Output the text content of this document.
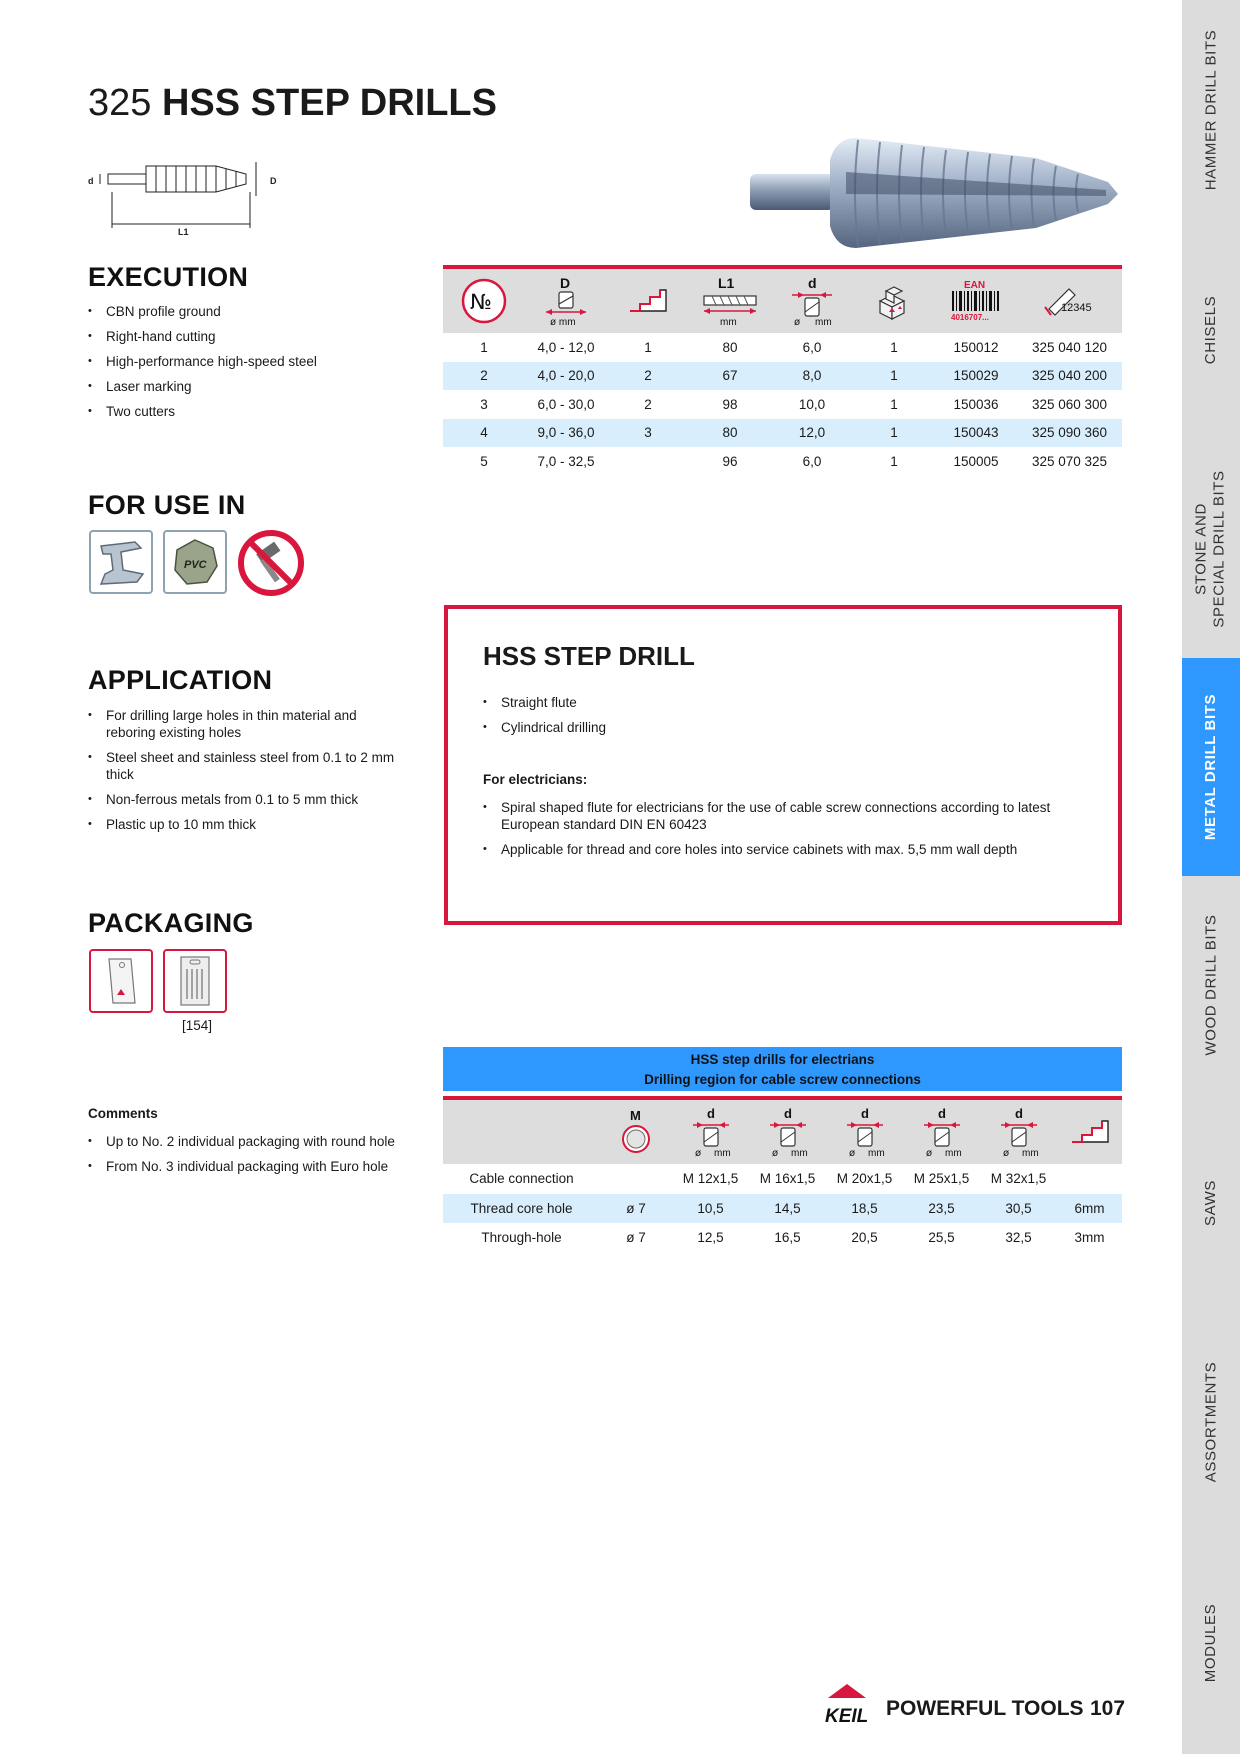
325 HSS STEP DRILLS
d	D
L1
EXECUTION
• CBN profile ground
• Right-hand cutting
• High-performance high-speed steel
• Laser marking
• Two cutters
FOR USE IN
PVC
APPLICATION
• For drilling large holes in thin material and reboring existing holes
• Steel sheet and stainless steel from 0.1 to 2 mm thick
• Non-ferrous metals from 0.1 to 5 mm thick
• Plastic up to 10 mm thick
PACKAGING
[154]
Comments
• Up to No. 2 individual packaging with round hole
• From No. 3 individual packaging with Euro hole
№	D
ø mm		L1
mm	d
ø mm		EAN
4016707...	12345

1	4,0 - 12,0	1	80	6,0	1	150012	325 040 120
2	4,0 - 20,0	2	67	8,0	1	150029	325 040 200
3	6,0 - 30,0	2	98	10,0	1	150036	325 060 300
4	9,0 - 36,0	3	80	12,0	1	150043	325 090 360
5	7,0 - 32,5		96	6,0	1	150005	325 070 325
HSS STEP DRILL
• Straight flute
• Cylindrical drilling
For electricians:
• Spiral shaped flute for electricians for the use of cable screw connections according to latest European standard DIN EN 60423
• Applicable for thread and core holes into service cabinets with max. 5,5 mm wall depth
HSS step drills for electrians
Drilling region for cable screw connections

M	d
ø mm	d
ø mm	d
ø mm	d
ø mm	d
ø mm

Cable connection		M 12x1,5	M 16x1,5	M 20x1,5	M 25x1,5	M 32x1,5	
Thread core hole	ø 7	10,5	14,5	18,5	23,5	30,5	6mm
Through-hole	ø 7	12,5	16,5	20,5	25,5	32,5	3mm
KEIL POWERFUL TOOLS 107
HAMMER DRILL BITS
CHISELS
STONE AND SPECIAL DRILL BITS
METAL DRILL BITS
WOOD DRILL BITS
SAWS
ASSORTMENTS
MODULES
